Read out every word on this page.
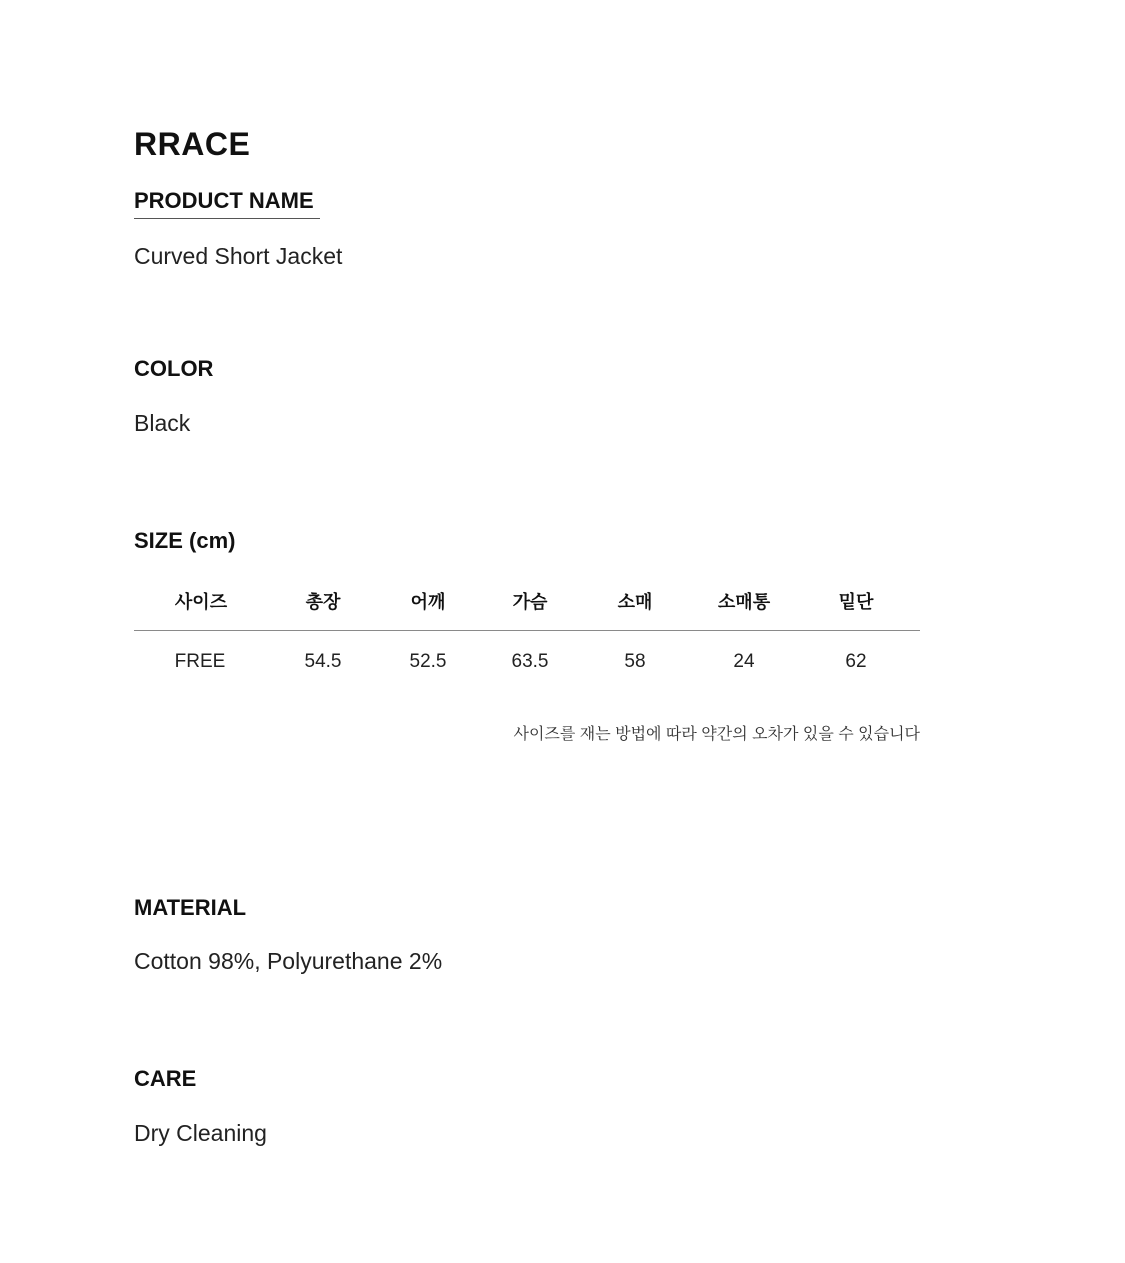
RRACE
PRODUCT NAME
Curved Short Jacket
COLOR
Black
SIZE (cm)
사이즈	총장	어깨	가슴	소매	소매통	밑단
FREE	54.5	52.5	63.5	58	24	62
사이즈를 재는 방법에 따라 약간의 오차가 있을 수 있습니다
MATERIAL
Cotton 98%, Polyurethane 2%
CARE
Dry Cleaning
